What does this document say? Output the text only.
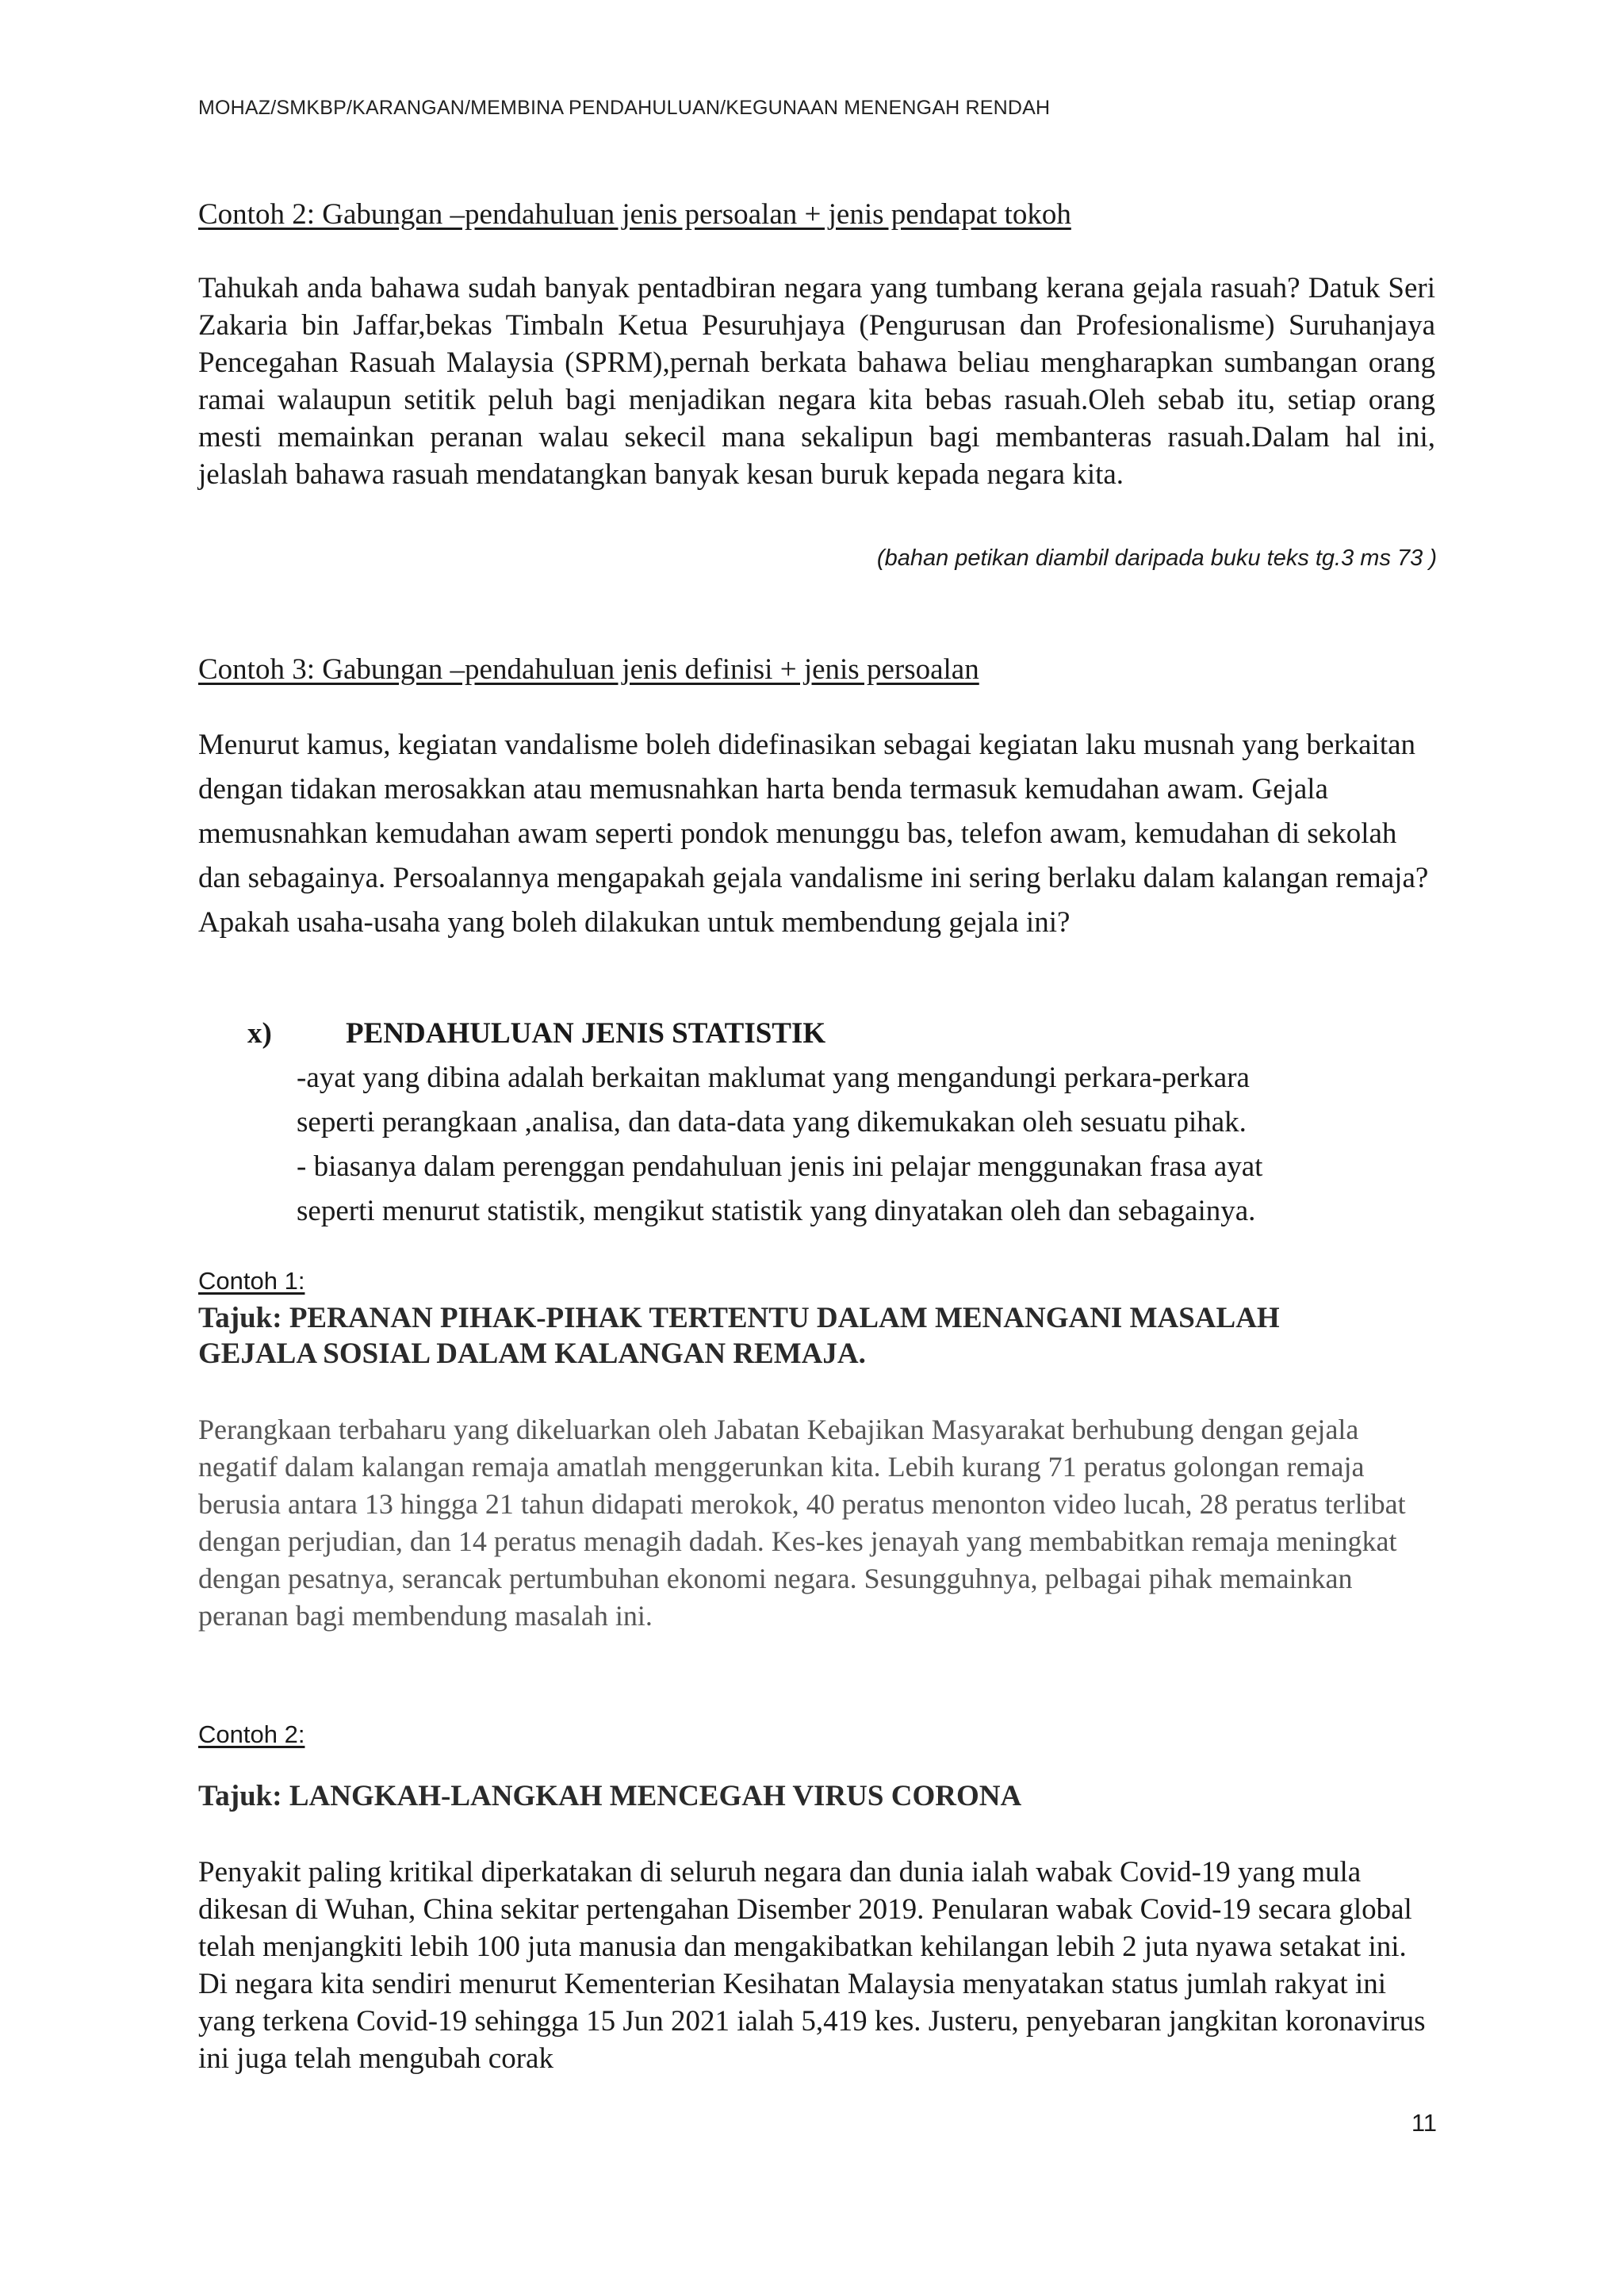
MOHAZ/SMKBP/KARANGAN/MEMBINA PENDAHULUAN/KEGUNAAN MENENGAH RENDAH
Contoh 2: Gabungan –pendahuluan jenis persoalan + jenis pendapat tokoh
Tahukah anda bahawa sudah banyak pentadbiran negara yang tumbang kerana gejala rasuah? Datuk Seri Zakaria bin Jaffar,bekas Timbaln Ketua Pesuruhjaya (Pengurusan dan Profesionalisme) Suruhanjaya Pencegahan Rasuah Malaysia (SPRM),pernah berkata bahawa beliau mengharapkan sumbangan orang ramai walaupun setitik peluh bagi menjadikan negara kita bebas rasuah.Oleh sebab itu, setiap orang mesti memainkan peranan walau sekecil mana sekalipun bagi membanteras rasuah.Dalam hal ini, jelaslah bahawa rasuah mendatangkan banyak kesan buruk kepada negara kita.
(bahan petikan diambil daripada buku teks tg.3 ms 73 )
Contoh 3: Gabungan –pendahuluan jenis definisi + jenis persoalan
Menurut kamus, kegiatan vandalisme boleh didefinasikan sebagai kegiatan laku musnah yang berkaitan dengan tidakan merosakkan atau memusnahkan harta benda termasuk kemudahan awam. Gejala memusnahkan kemudahan awam seperti pondok menunggu bas, telefon awam, kemudahan di sekolah dan sebagainya. Persoalannya mengapakah gejala vandalisme ini sering berlaku dalam kalangan remaja? Apakah usaha-usaha yang boleh dilakukan untuk membendung gejala ini?
x)	PENDAHULUAN JENIS STATISTIK
-ayat yang dibina adalah berkaitan maklumat yang mengandungi perkara-perkara
seperti perangkaan ,analisa, dan data-data yang dikemukakan oleh sesuatu pihak.
- biasanya dalam perenggan pendahuluan jenis ini pelajar menggunakan frasa ayat
seperti menurut statistik, mengikut statistik yang dinyatakan oleh dan sebagainya.
Contoh 1:
Tajuk: PERANAN PIHAK-PIHAK TERTENTU DALAM MENANGANI MASALAH
GEJALA SOSIAL DALAM KALANGAN REMAJA.
Perangkaan terbaharu yang dikeluarkan oleh Jabatan Kebajikan Masyarakat berhubung dengan gejala negatif dalam kalangan remaja amatlah menggerunkan kita. Lebih kurang 71 peratus golongan remaja berusia antara 13 hingga 21 tahun didapati merokok, 40 peratus menonton video lucah, 28 peratus terlibat dengan perjudian, dan 14 peratus menagih dadah. Kes-kes jenayah yang membabitkan remaja meningkat dengan pesatnya, serancak pertumbuhan ekonomi negara. Sesungguhnya, pelbagai pihak memainkan peranan bagi membendung masalah ini.
Contoh 2:
Tajuk: LANGKAH-LANGKAH MENCEGAH VIRUS CORONA
Penyakit paling kritikal diperkatakan di seluruh negara dan dunia ialah wabak Covid-19 yang mula dikesan di Wuhan, China sekitar pertengahan Disember 2019. Penularan wabak Covid-19 secara global telah menjangkiti lebih 100 juta manusia dan mengakibatkan kehilangan lebih 2 juta nyawa setakat ini. Di negara kita sendiri menurut Kementerian Kesihatan Malaysia menyatakan status jumlah rakyat ini yang terkena Covid-19 sehingga 15 Jun 2021 ialah 5,419 kes. Justeru, penyebaran jangkitan koronavirus ini juga telah mengubah corak
11
